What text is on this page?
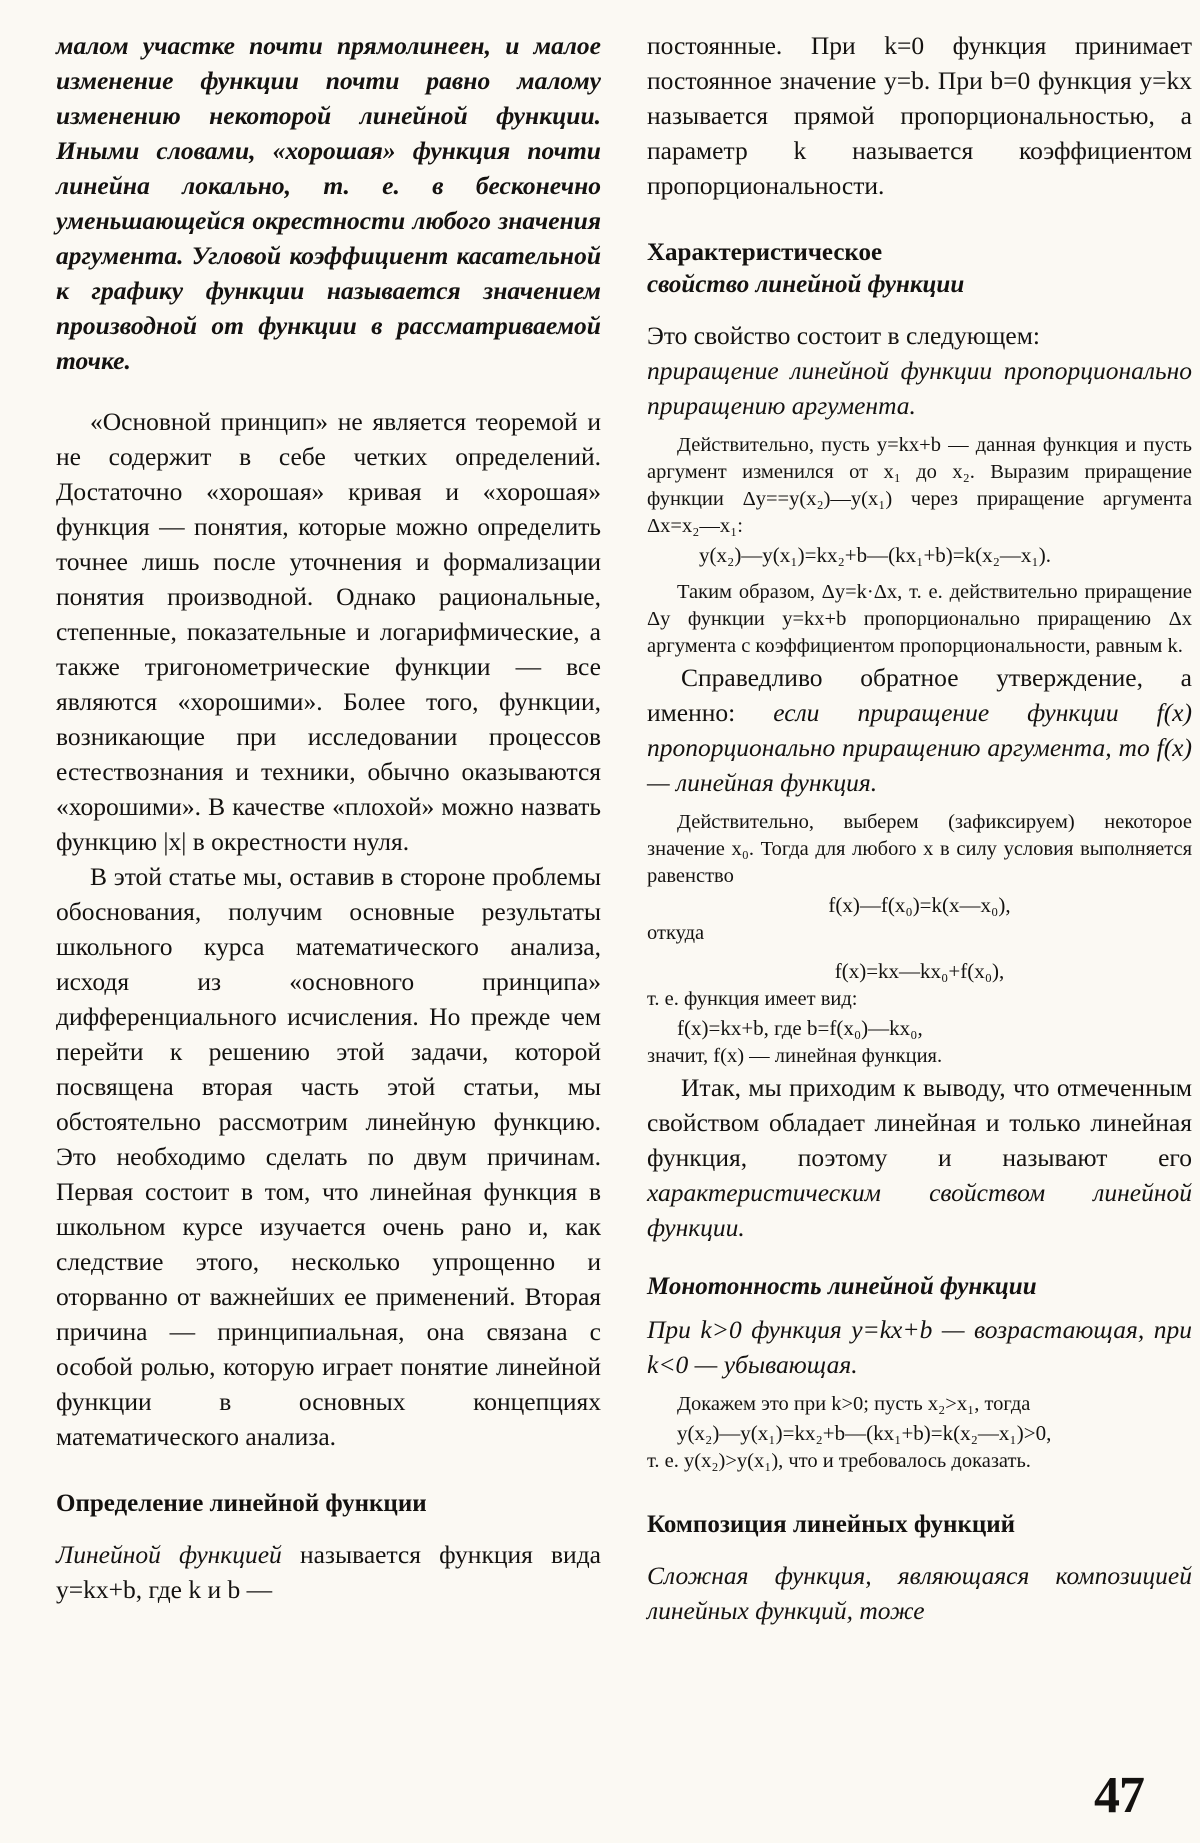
малом участке почти прямолинеен, и малое изменение функции почти равно малому изменению некоторой линейной функции. Иными словами, «хорошая» функция почти линейна локально, т. е. в бесконечно уменьшающейся окрестности любого значения аргумента. Угловой коэффициент касательной к графику функции называется значением производной от функции в рассматриваемой точке.

«Основной принцип» не является теоремой и не содержит в себе четких определений. Достаточно «хорошая» кривая и «хорошая» функция — понятия, которые можно определить точнее лишь после уточнения и формализации понятия производной. Однако рациональные, степенные, показательные и логарифмические, а также тригонометрические функции — все являются «хорошими». Более того, функции, возникающие при исследовании процессов естествознания и техники, обычно оказываются «хорошими». В качестве «плохой» можно назвать функцию |x| в окрестности нуля.

В этой статье мы, оставив в стороне проблемы обоснования, получим основные результаты школьного курса математического анализа, исходя из «основного принципа» дифференциального исчисления. Но прежде чем перейти к решению этой задачи, которой посвящена вторая часть этой статьи, мы обстоятельно рассмотрим линейную функцию. Это необходимо сделать по двум причинам. Первая состоит в том, что линейная функция в школьном курсе изучается очень рано и, как следствие этого, несколько упрощенно и оторванно от важнейших ее применений. Вторая причина — принципиальная, она связана с особой ролью, которую играет понятие линейной функции в основных концепциях математического анализа.

Определение линейной функции

Линейной функцией называется функция вида y=kx+b, где k и b —

постоянные. При k=0 функция принимает постоянное значение y=b. При b=0 функция y=kx называется прямой пропорциональностью, а параметр k называется коэффициентом пропорциональности.

Характеристическое

свойство линейной функции

Это свойство состоит в следующем:

приращение линейной функции пропорционально приращению аргумента.

Действительно, пусть y=kx+b — данная функция и пусть аргумент изменился от x₁ до x₂. Выразим приращение функции Δy==y(x₂)—y(x₁) через приращение аргумента Δx=x₂—x₁:

y(x₂)—y(x₁)=kx₂+b—(kx₁+b)=k(x₂—x₁).

Таким образом, Δy=k·Δx, т. е. действительно приращение Δy функции y=kx+b пропорционально приращению Δx аргумента с коэффициентом пропорциональности, равным k.

Справедливо обратное утверждение, а именно: если приращение функции f(x) пропорционально приращению аргумента, то f(x) — линейная функция.

Действительно, выберем (зафиксируем) некоторое значение x₀. Тогда для любого x в силу условия выполняется равенство

f(x)—f(x₀)=k(x—x₀),

откуда

f(x)=kx—kx₀+f(x₀),

т. е. функция имеет вид:

f(x)=kx+b, где b=f(x₀)—kx₀,

значит, f(x) — линейная функция.

Итак, мы приходим к выводу, что отмеченным свойством обладает линейная и только линейная функция, поэтому и называют его характеристическим свойством линейной функции.

Монотонность линейной функции

При k>0 функция y=kx+b — возрастающая, при k<0 — убывающая.

Докажем это при k>0; пусть x₂>x₁, тогда

y(x₂)—y(x₁)=kx₂+b—(kx₁+b)=k(x₂—x₁)>0,

т. е. y(x₂)>y(x₁), что и требовалось доказать.

Композиция линейных функций

Сложная функция, являющаяся композицией линейных функций, тоже

47
